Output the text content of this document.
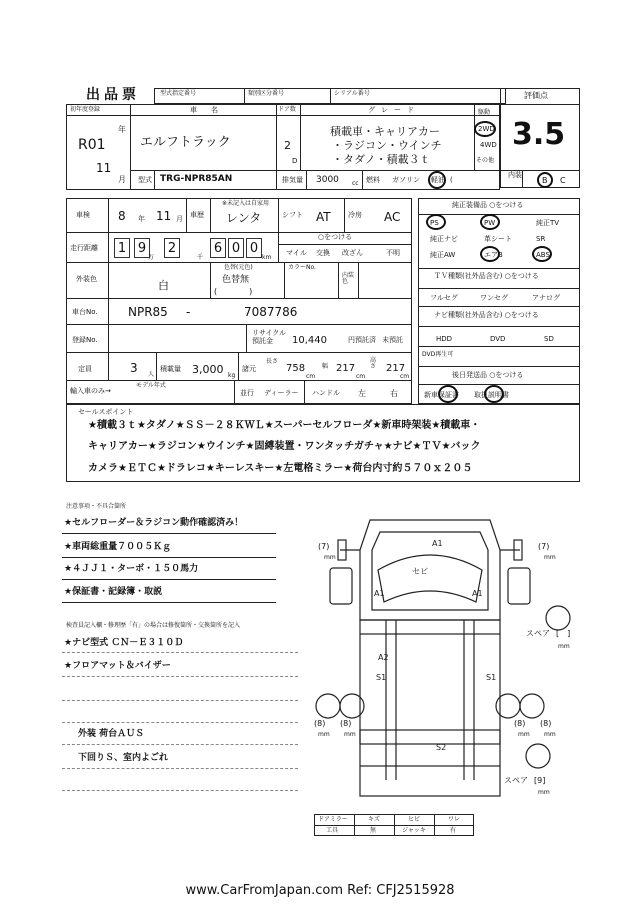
出品票	型式指定番号	類別区分番号	シリアル番号	評価点
3.5
初年度登録
R01
年
11
月
車名
エルフトラック
ドア数
2
D
グレード
積載車・キャリアカー
・ラジコン・ウインチ
・タダノ・積載３ｔ
駆動
2WD
4WD
その他
型式 TRG-NPR85AN	排気量 3000 cc 燃料 ガソリン 軽油 (
内装
B C
車検 8 年 11 月 車歴
※未記入は自家用
レンタ	シフト AT 冷房 AC
走行距離 1 9 2	6 0 0
万	千	km
○をつける
マイル 交換 改ざん	不明
外装色	白
色替(元色)
色替無
(　　　　)
カラーNo.
内装色
車台No.	NPR85 -	7087786
登録No.
リサイクル預託金	10,440	円預託済 未預託
定員	3 人
積載量 3,000 kg
諸元
長さ
758
cm
幅 217
cm
高さ 217
cm
輸入車のみ→
モデル年式
並行 ディーラー ハンドル 左	右
純正装備品 ○をつける
PS	PW	純正TV
純正ナビ	革シート	SR
純正AW	エアB	ABS
ＴＶ種類(社外品含む) ○をつける
フルセグ	ワンセグ	アナログ
ナビ種類(社外品含む) ○をつける
HDD	DVD	SD
DVD再生可
後日発送品 ○をつける
新車保証書 取扱説明書
セールスポイント
★積載３ｔ★タダノ★ＳＳ－２８ＫＷＬ★スーパーセルフローダ★新車時架装★積載車・
キャリアカー★ラジコン★ウインチ★固縛装置・ワンタッチガチャ★ナビ★ＴＶ★バック
カメラ★ＥＴＣ★ドラレコ★キーレスキー★左電格ミラー★荷台内寸約５７０ｘ２０５
注意事項・不具合箇所
★セルフローダー＆ラジコン動作確認済み！
★車両総重量７００５Ｋｇ
★４ＪＪ１・ターボ・１５０馬力
★保証書・記録簿・取説
検査員記入欄・修理歴「有」の場合は修復箇所・交換箇所を記入
★ナビ型式 ＣＮ－Ｅ３１０Ｄ
★フロアマット＆バイザー
外装 荷台ＡＵＳ
下回りＳ、室内よごれ
A1
A1	A1
セビ
A2
S1	S1
S2
(7)
mm
(7)
mm
(8)
mm
(8)
mm
(8)
mm
(8)
mm
スペア [　]
mm
スペア [9]
mm
ドアミラー	キズ	ヒビ	ワレ
工具	無	ジャッキ	有
www.CarFromJapan.com Ref: CFJ2515928
